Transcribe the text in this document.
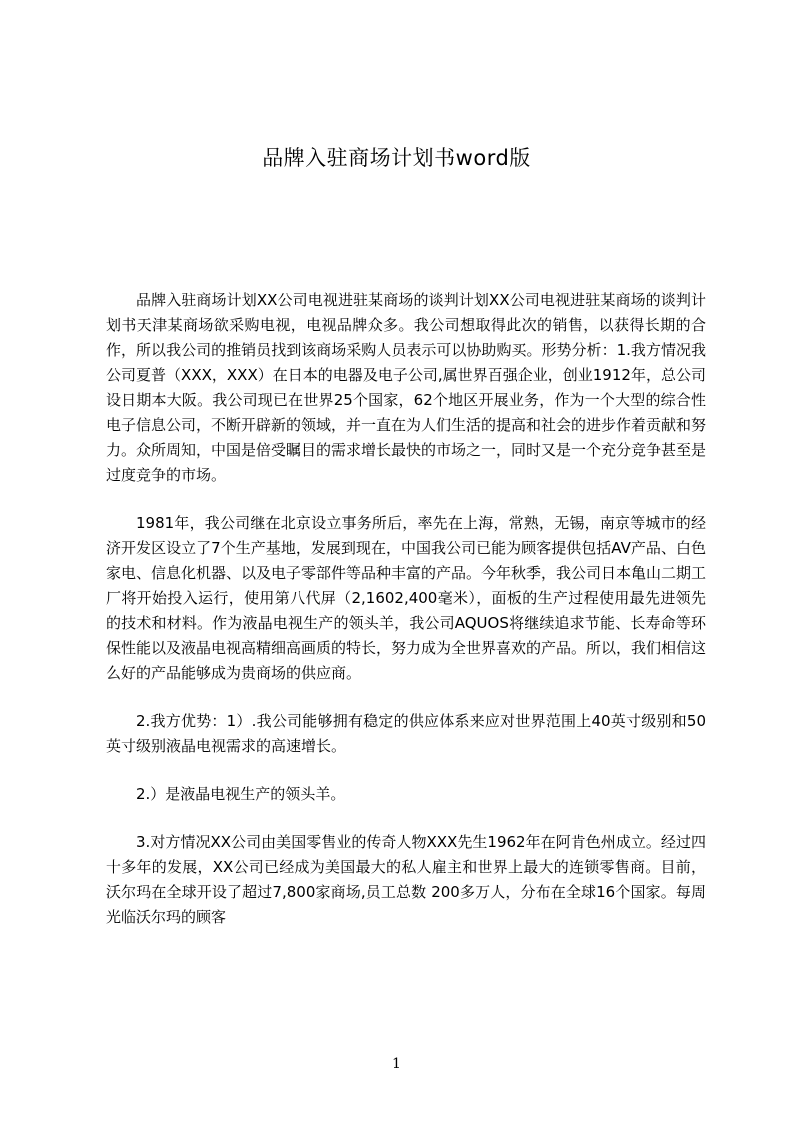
品牌入驻商场计划书word版

品牌入驻商场计划XX公司电视进驻某商场的谈判计划XX公司电视进驻某商场的谈判计划书天津某商场欲采购电视，电视品牌众多。我公司想取得此次的销售，以获得长期的合作，所以我公司的推销员找到该商场采购人员表示可以协助购买。形势分析：1.我方情况我公司夏普（XXX，XXX）在日本的电器及电子公司,属世界百强企业，创业1912年，总公司设日期本大阪。我公司现已在世界25个国家，62个地区开展业务，作为一个大型的综合性电子信息公司，不断开辟新的领域，并一直在为人们生活的提高和社会的进步作着贡献和努力。众所周知，中国是倍受瞩目的需求增长最快的市场之一，同时又是一个充分竞争甚至是过度竞争的市场。

1981年，我公司继在北京设立事务所后，率先在上海，常熟，无锡，南京等城市的经济开发区设立了7个生产基地，发展到现在，中国我公司已能为顾客提供包括AV产品、白色家电、信息化机器、以及电子零部件等品种丰富的产品。今年秋季，我公司日本亀山二期工厂将开始投入运行，使用第八代屏（2,1602,400毫米），面板的生产过程使用最先进领先的技术和材料。作为液晶电视生产的领头羊，我公司AQUOS将继续追求节能、长寿命等环保性能以及液晶电视高精细高画质的特长，努力成为全世界喜欢的产品。所以，我们相信这么好的产品能够成为贵商场的供应商。

2.我方优势：1）.我公司能够拥有稳定的供应体系来应对世界范围上40英寸级别和50英寸级别液晶电视需求的高速增长。

2.）是液晶电视生产的领头羊。

3.对方情况XX公司由美国零售业的传奇人物XXX先生1962年在阿肯色州成立。经过四十多年的发展，XX公司已经成为美国最大的私人雇主和世界上最大的连锁零售商。目前，沃尔玛在全球开设了超过7,800家商场,员工总数 200多万人，分布在全球16个国家。每周光临沃尔玛的顾客

1
